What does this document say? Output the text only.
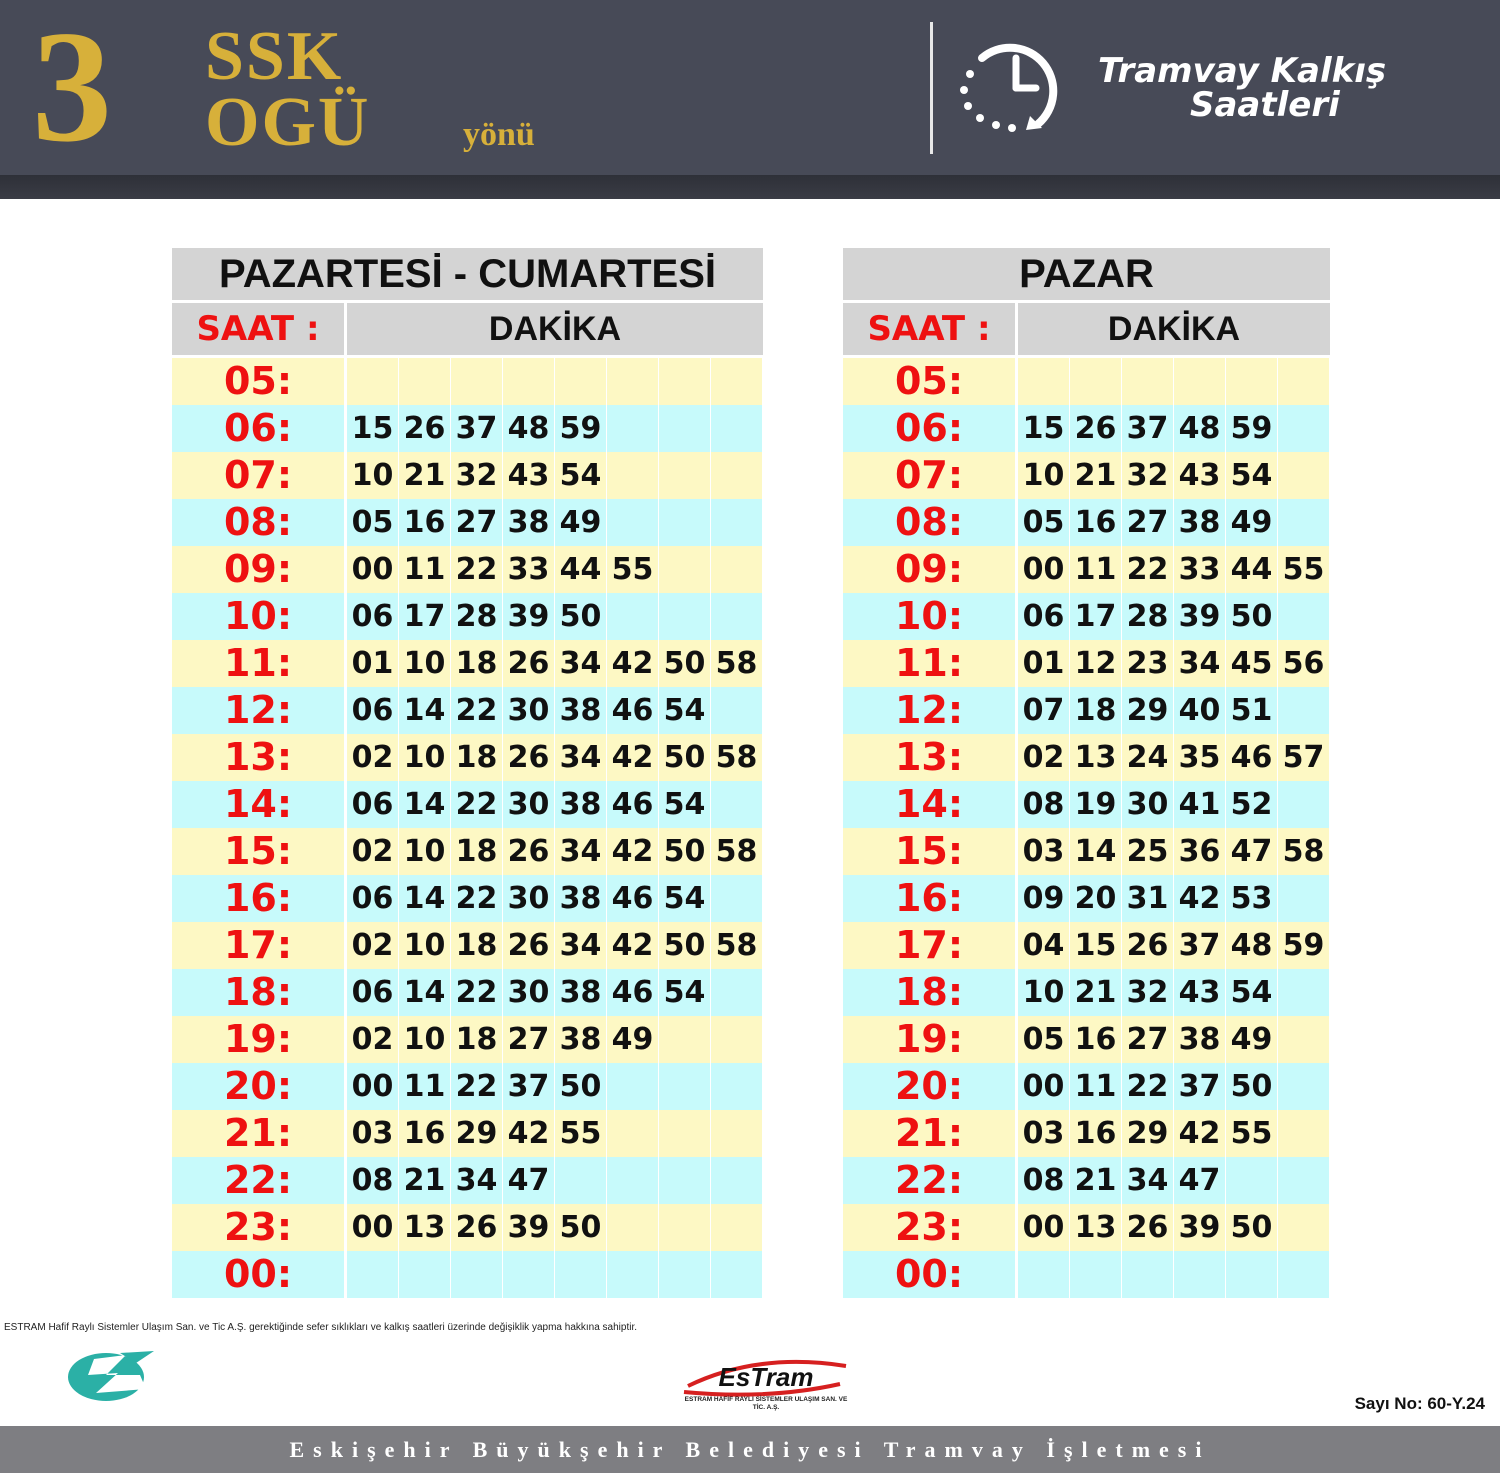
3 SSK
OGÜ	yönü
Tramvay Kalkış
Saatleri
PAZARTESİ - CUMARTESİ
SAAT :	DAKİKA
05:
06:	15 26 37 48 59
07:	10 21 32 43 54
08:	05 16 27 38 49
09:	00 11 22 33 44 55
10:	06 17 28 39 50
11:	01 10 18 26 34 42 50 58
12:	06 14 22 30 38 46 54
13:	02 10 18 26 34 42 50 58
14:	06 14 22 30 38 46 54
15:	02 10 18 26 34 42 50 58
16:	06 14 22 30 38 46 54
17:	02 10 18 26 34 42 50 58
18:	06 14 22 30 38 46 54
19:	02 10 18 27 38 49
20:	00 11 22 37 50
21:	03 16 29 42 55
22:	08 21 34 47
23:	00 13 26 39 50
00:
PAZAR
SAAT :	DAKİKA
05:
06:	15 26 37 48 59
07:	10 21 32 43 54
08:	05 16 27 38 49
09:	00 11 22 33 44 55
10:	06 17 28 39 50
11:	01 12 23 34 45 56
12:	07 18 29 40 51
13:	02 13 24 35 46 57
14:	08 19 30 41 52
15:	03 14 25 36 47 58
16:	09 20 31 42 53
17:	04 15 26 37 48 59
18:	10 21 32 43 54
19:	05 16 27 38 49
20:	00 11 22 37 50
21:	03 16 29 42 55
22:	08 21 34 47
23:	00 13 26 39 50
00:
ESTRAM Hafif Raylı Sistemler Ulaşım San. ve Tic A.Ş. gerektiğinde sefer sıklıkları ve kalkış saatleri üzerinde değişiklik yapma hakkına sahiptir.
EsTram
ESTRAM HAFİF RAYLI SİSTEMLER ULAŞIM SAN. VE TİC. A.Ş.	Sayı No: 60-Y.24
Eskişehir Büyükşehir Belediyesi Tramvay İşletmesi
